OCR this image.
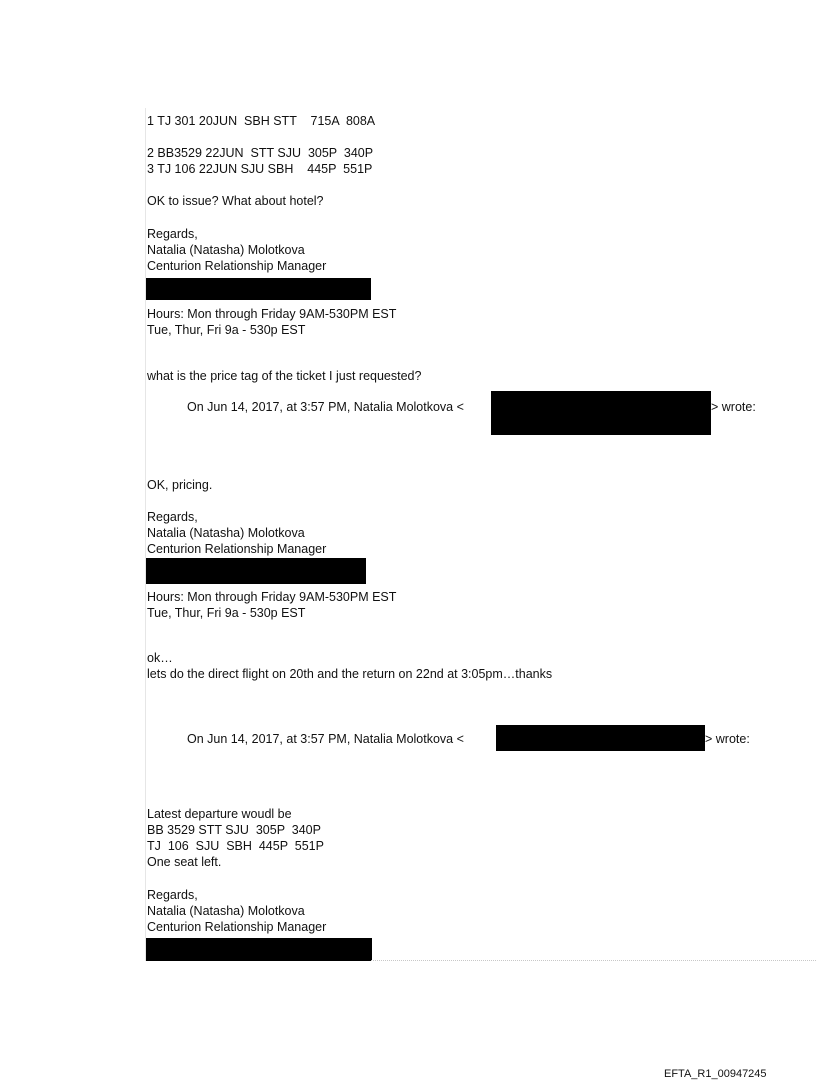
1 TJ 301 20JUN  SBH STT    715A  808A

2 BB3529 22JUN  STT SJU  305P  340P

3 TJ 106 22JUN SJU SBH    445P  551P

OK to issue? What about hotel?

Regards,

Natalia (Natasha) Molotkova

Centurion Relationship Manager

Hours: Mon through Friday 9AM-530PM EST

Tue, Thur, Fri 9a - 530p EST

what is the price tag of the ticket I just requested?

On Jun 14, 2017, at 3:57 PM, Natalia Molotkova <	> wrote:

OK, pricing.

Regards,

Natalia (Natasha) Molotkova

Centurion Relationship Manager

Hours: Mon through Friday 9AM-530PM EST

Tue, Thur, Fri 9a - 530p EST

ok…

lets do the direct flight on 20th and the return on 22nd at 3:05pm…thanks

On Jun 14, 2017, at 3:57 PM, Natalia Molotkova <	> wrote:

Latest departure woudl be

BB 3529 STT SJU  305P  340P

TJ  106  SJU  SBH  445P  551P

One seat left.

Regards,

Natalia (Natasha) Molotkova

Centurion Relationship Manager

EFTA_R1_00947245
